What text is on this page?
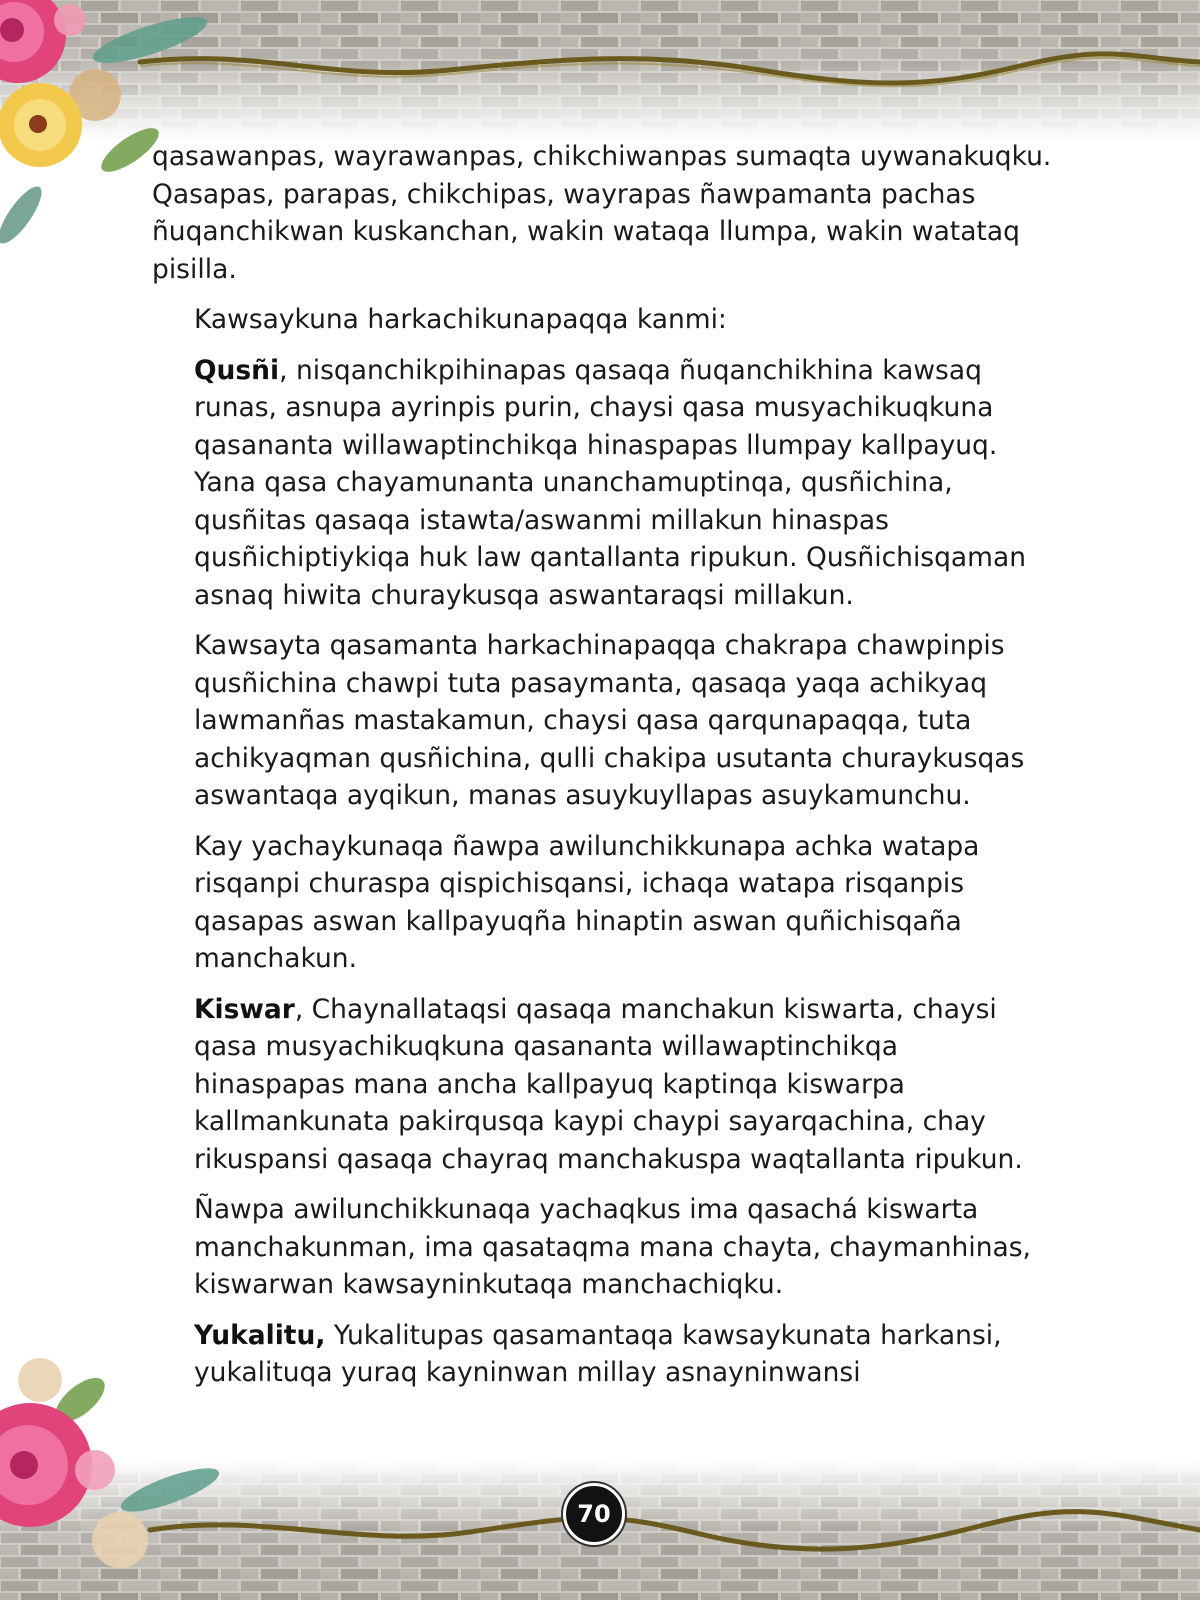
qasawanpas, wayrawanpas, chikchiwanpas sumaqta uywanakuqku. Qasapas, parapas, chikchipas, wayrapas ñawpamanta pachas ñuqanchikwan kuskanchan, wakin wataqa llumpa, wakin watataq pisilla.

Kawsaykuna harkachikunapaqqa kanmi:

Qusñi, nisqanchikpihinapas qasaqa ñuqanchikhina kawsaq runas, asnupa ayrinpis purin, chaysi qasa musyachikuqkuna qasananta willawaptinchikqa hinaspapas llumpay kallpayuq. Yana qasa chayamunanta unanchamuptinqa, qusñichina, qusñitas qasaqa istawta/aswanmi millakun hinaspas qusñichiptiykiqa huk law qantallanta ripukun. Qusñichisqaman asnaq hiwita churaykusqa aswantaraqsi millakun.

Kawsayta qasamanta harkachinapaqqa chakrapa chawpinpis qusñichina chawpi tuta pasaymanta, qasaqa yaqa achikyaq lawmanñas mastakamun, chaysi qasa qarqunapaqqa, tuta achikyaqman qusñichina, qulli chakipa usutanta churaykusqas aswantaqa ayqikun, manas asuykuyllapas asuykamunchu.

Kay yachaykunaqa ñawpa awilunchikkunapa achka watapa risqanpi churaspa qispichisqansi, ichaqa watapa risqanpis qasapas aswan kallpayuqña hinaptin aswan quñichisqaña manchakun.

Kiswar, Chaynallataqsi qasaqa manchakun kiswarta, chaysi qasa musyachikuqkuna qasananta willawaptinchikqa hinaspapas mana ancha kallpayuq kaptinqa kiswarpa kallmankunata pakirqusqa kaypi chaypi sayarqachina, chay rikuspansi qasaqa chayraq manchakuspa waqtallanta ripukun.

Ñawpa awilunchikkunaqa yachaqkus ima qasachá kiswarta manchakunman, ima qasataqma mana chayta, chaymanhinas, kiswarwan kawsayninkutaqa manchachiqku.

Yukalitu, Yukalitupas qasamantaqa kawsaykunata harkansi, yukalituqa yuraq kayninwan millay asnayninwansi

70
